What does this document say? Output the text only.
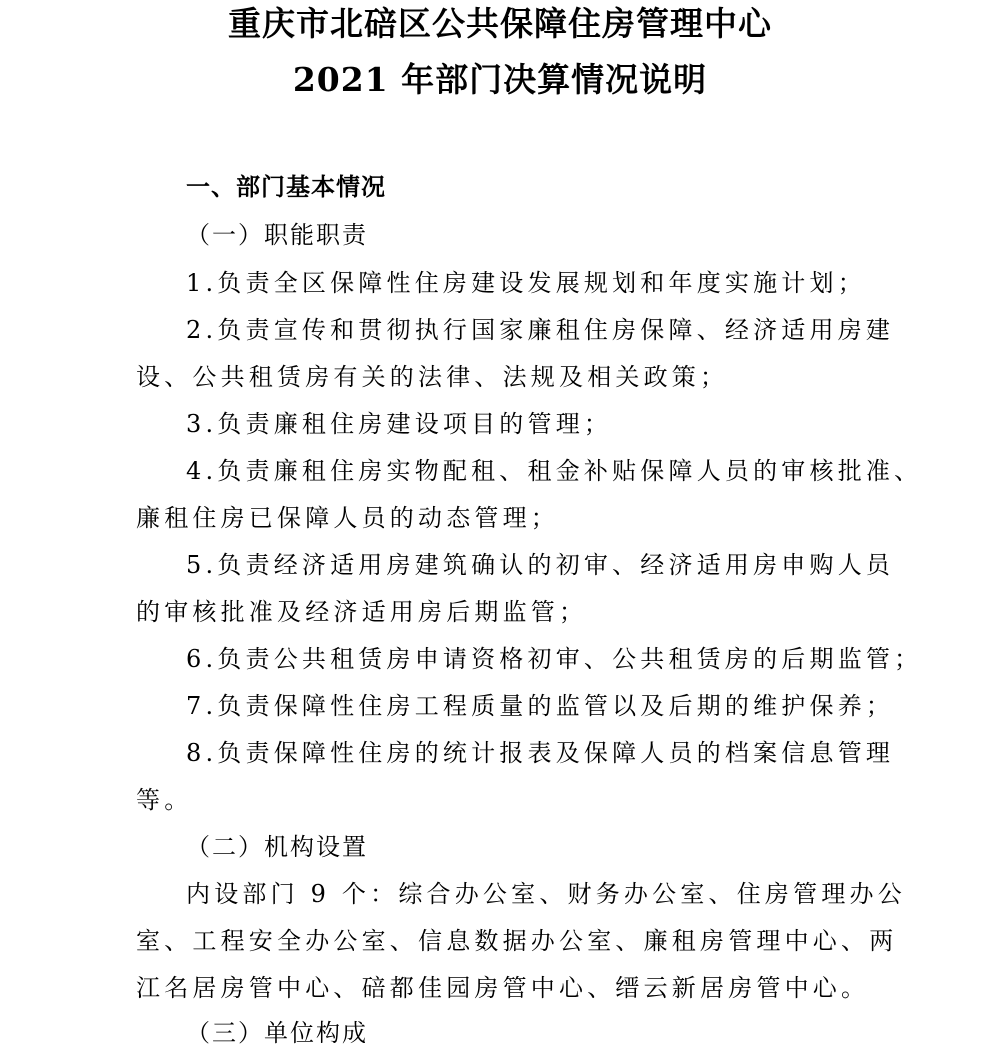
重庆市北碚区公共保障住房管理中心
2021 年部门决算情况说明
一、部门基本情况
（一）职能职责
1.负责全区保障性住房建设发展规划和年度实施计划；
2.负责宣传和贯彻执行国家廉租住房保障、经济适用房建
设、公共租赁房有关的法律、法规及相关政策；
3.负责廉租住房建设项目的管理；
4.负责廉租住房实物配租、租金补贴保障人员的审核批准、
廉租住房已保障人员的动态管理；
5.负责经济适用房建筑确认的初审、经济适用房申购人员
的审核批准及经济适用房后期监管；
6.负责公共租赁房申请资格初审、公共租赁房的后期监管；
7.负责保障性住房工程质量的监管以及后期的维护保养；
8.负责保障性住房的统计报表及保障人员的档案信息管理
等。
（二）机构设置
内设部门 9 个：综合办公室、财务办公室、住房管理办公
室、工程安全办公室、信息数据办公室、廉租房管理中心、两
江名居房管中心、碚都佳园房管中心、缙云新居房管中心。
（三）单位构成
